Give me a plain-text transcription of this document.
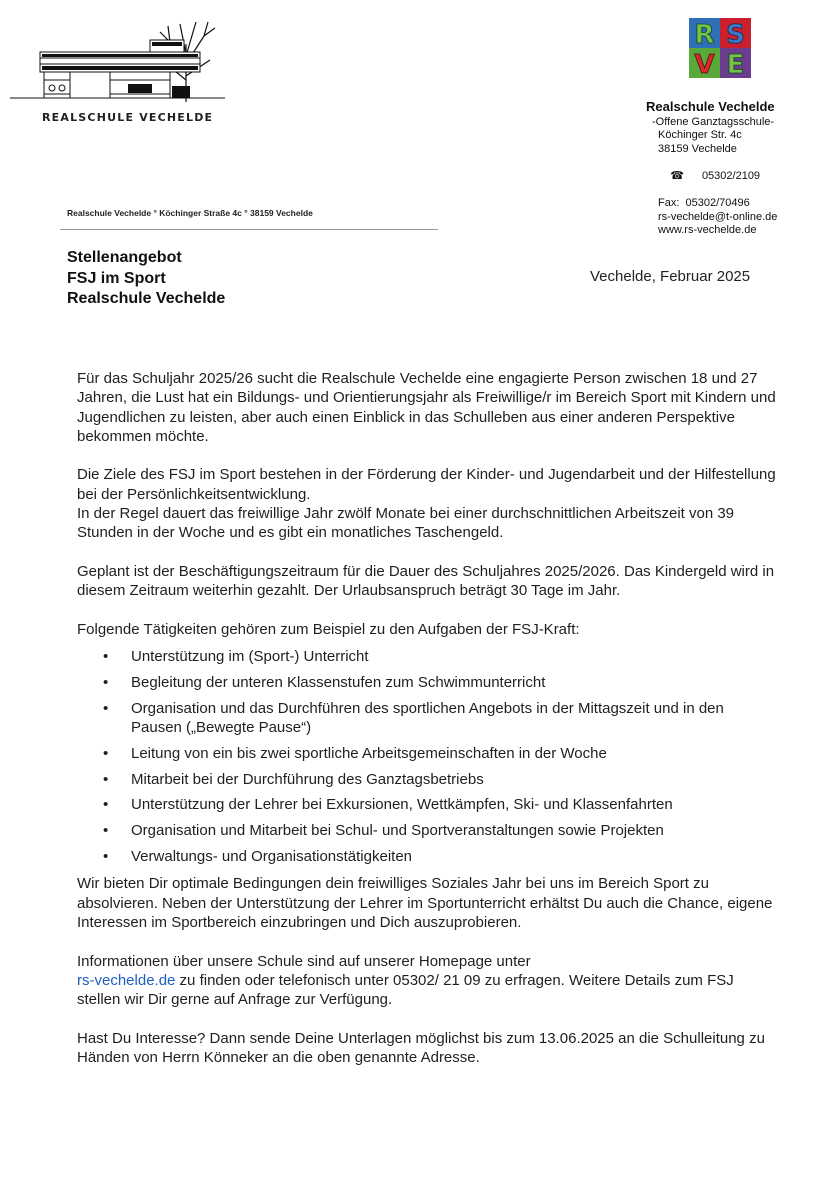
REALSCHULE VECHELDE
R S
V E
Realschule Vechelde
-Offene Ganztagsschule-
Köchinger Str. 4c
38159 Vechelde

☎ 05302/2109

Fax:  05302/70496
rs-vechelde@t-online.de
www.rs-vechelde.de
Realschule Vechelde ° Köchinger Straße 4c ° 38159 Vechelde
Stellenangebot
FSJ im Sport
Realschule Vechelde
Vechelde, Februar 2025

Für das Schuljahr 2025/26 sucht die Realschule Vechelde eine engagierte Person zwischen 18 und 27 Jahren, die Lust hat ein Bildungs- und Orientierungsjahr als Freiwillige/r im Bereich Sport mit Kindern und Jugendlichen zu leisten, aber auch einen Einblick in das Schulleben aus einer anderen Perspektive bekommen möchte.

Die Ziele des FSJ im Sport bestehen in der Förderung der Kinder- und Jugendarbeit und der Hilfestellung bei der Persönlichkeitsentwicklung.
In der Regel dauert das freiwillige Jahr zwölf Monate bei einer durchschnittlichen Arbeitszeit von 39 Stunden in der Woche und es gibt ein monatliches Taschengeld.

Geplant ist der Beschäftigungszeitraum für die Dauer des Schuljahres 2025/2026. Das Kindergeld wird in diesem Zeitraum weiterhin gezahlt. Der Urlaubsanspruch beträgt 30 Tage im Jahr.

Folgende Tätigkeiten gehören zum Beispiel zu den Aufgaben der FSJ-Kraft:

• Unterstützung im (Sport-) Unterricht
• Begleitung der unteren Klassenstufen zum Schwimmunterricht
• Organisation und das Durchführen des sportlichen Angebots in der Mittagszeit und in den Pausen („Bewegte Pause“)
• Leitung von ein bis zwei sportliche Arbeitsgemeinschaften in der Woche
• Mitarbeit bei der Durchführung des Ganztagsbetriebs
• Unterstützung der Lehrer bei Exkursionen, Wettkämpfen, Ski- und Klassenfahrten
• Organisation und Mitarbeit bei Schul- und Sportveranstaltungen sowie Projekten
• Verwaltungs- und Organisationstätigkeiten

Wir bieten Dir optimale Bedingungen dein freiwilliges Soziales Jahr bei uns im Bereich Sport zu absolvieren. Neben der Unterstützung der Lehrer im Sportunterricht erhältst Du auch die Chance, eigene Interessen im Sportbereich einzubringen und Dich auszuprobieren.

Informationen über unsere Schule sind auf unserer Homepage unter
rs-vechelde.de zu finden oder telefonisch unter 05302/ 21 09 zu erfragen. Weitere Details zum FSJ stellen wir Dir gerne auf Anfrage zur Verfügung.

Hast Du Interesse? Dann sende Deine Unterlagen möglichst bis zum 13.06.2025 an die Schulleitung zu Händen von Herrn Könneker an die oben genannte Adresse.
